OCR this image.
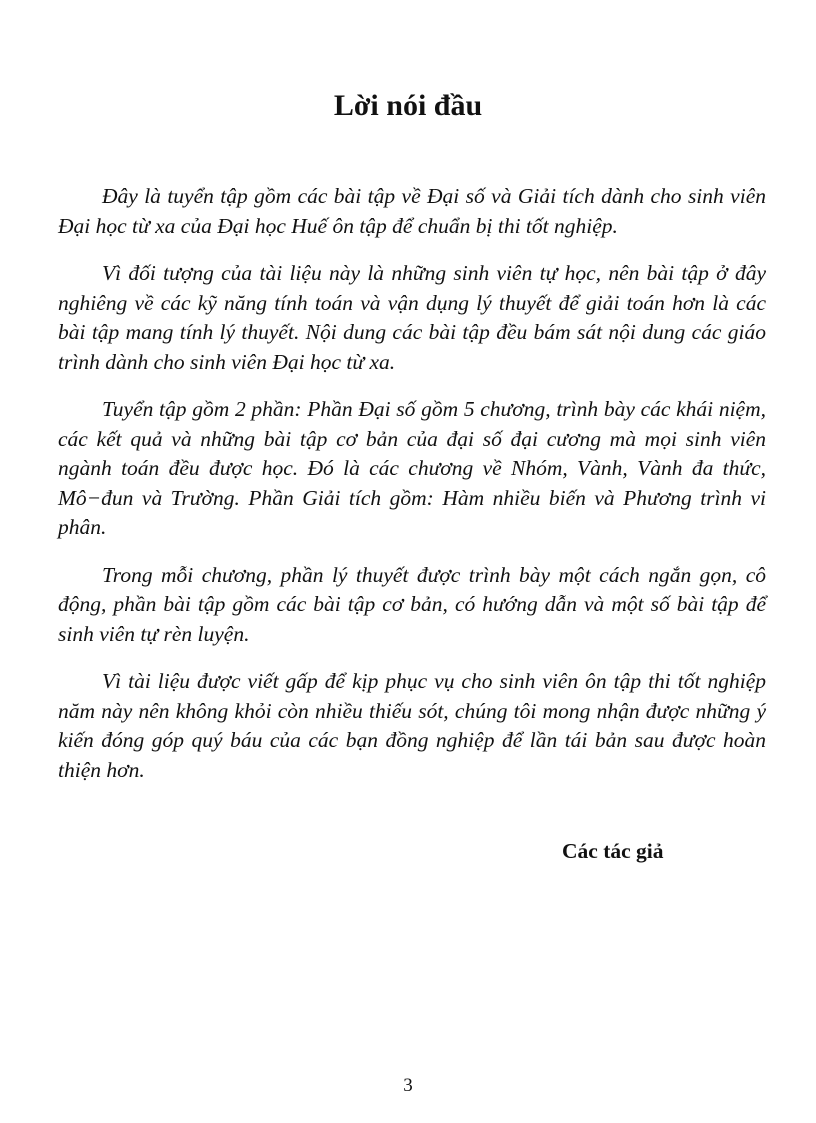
Lời nói đầu

Đây là tuyển tập gồm các bài tập về Đại số và Giải tích dành cho sinh viên Đại học từ xa của Đại học Huế ôn tập để chuẩn bị thi tốt nghiệp.

Vì đối tượng của tài liệu này là những sinh viên tự học, nên bài tập ở đây nghiêng về các kỹ năng tính toán và vận dụng lý thuyết để giải toán hơn là các bài tập mang tính lý thuyết. Nội dung các bài tập đều bám sát nội dung các giáo trình dành cho sinh viên Đại học từ xa.

Tuyển tập gồm 2 phần: Phần Đại số gồm 5 chương, trình bày các khái niệm, các kết quả và những bài tập cơ bản của đại số đại cương mà mọi sinh viên ngành toán đều được học. Đó là các chương về Nhóm, Vành, Vành đa thức, Mô−đun và Trường. Phần Giải tích gồm: Hàm nhiều biến và Phương trình vi phân.

Trong mỗi chương, phần lý thuyết được trình bày một cách ngắn gọn, cô động, phần bài tập gồm các bài tập cơ bản, có hướng dẫn và một số bài tập để sinh viên tự rèn luyện.

Vì tài liệu được viết gấp để kịp phục vụ cho sinh viên ôn tập thi tốt nghiệp năm này nên không khỏi còn nhiều thiếu sót, chúng tôi mong nhận được những ý kiến đóng góp quý báu của các bạn đồng nghiệp để lần tái bản sau được hoàn thiện hơn.

Các tác giả

3
